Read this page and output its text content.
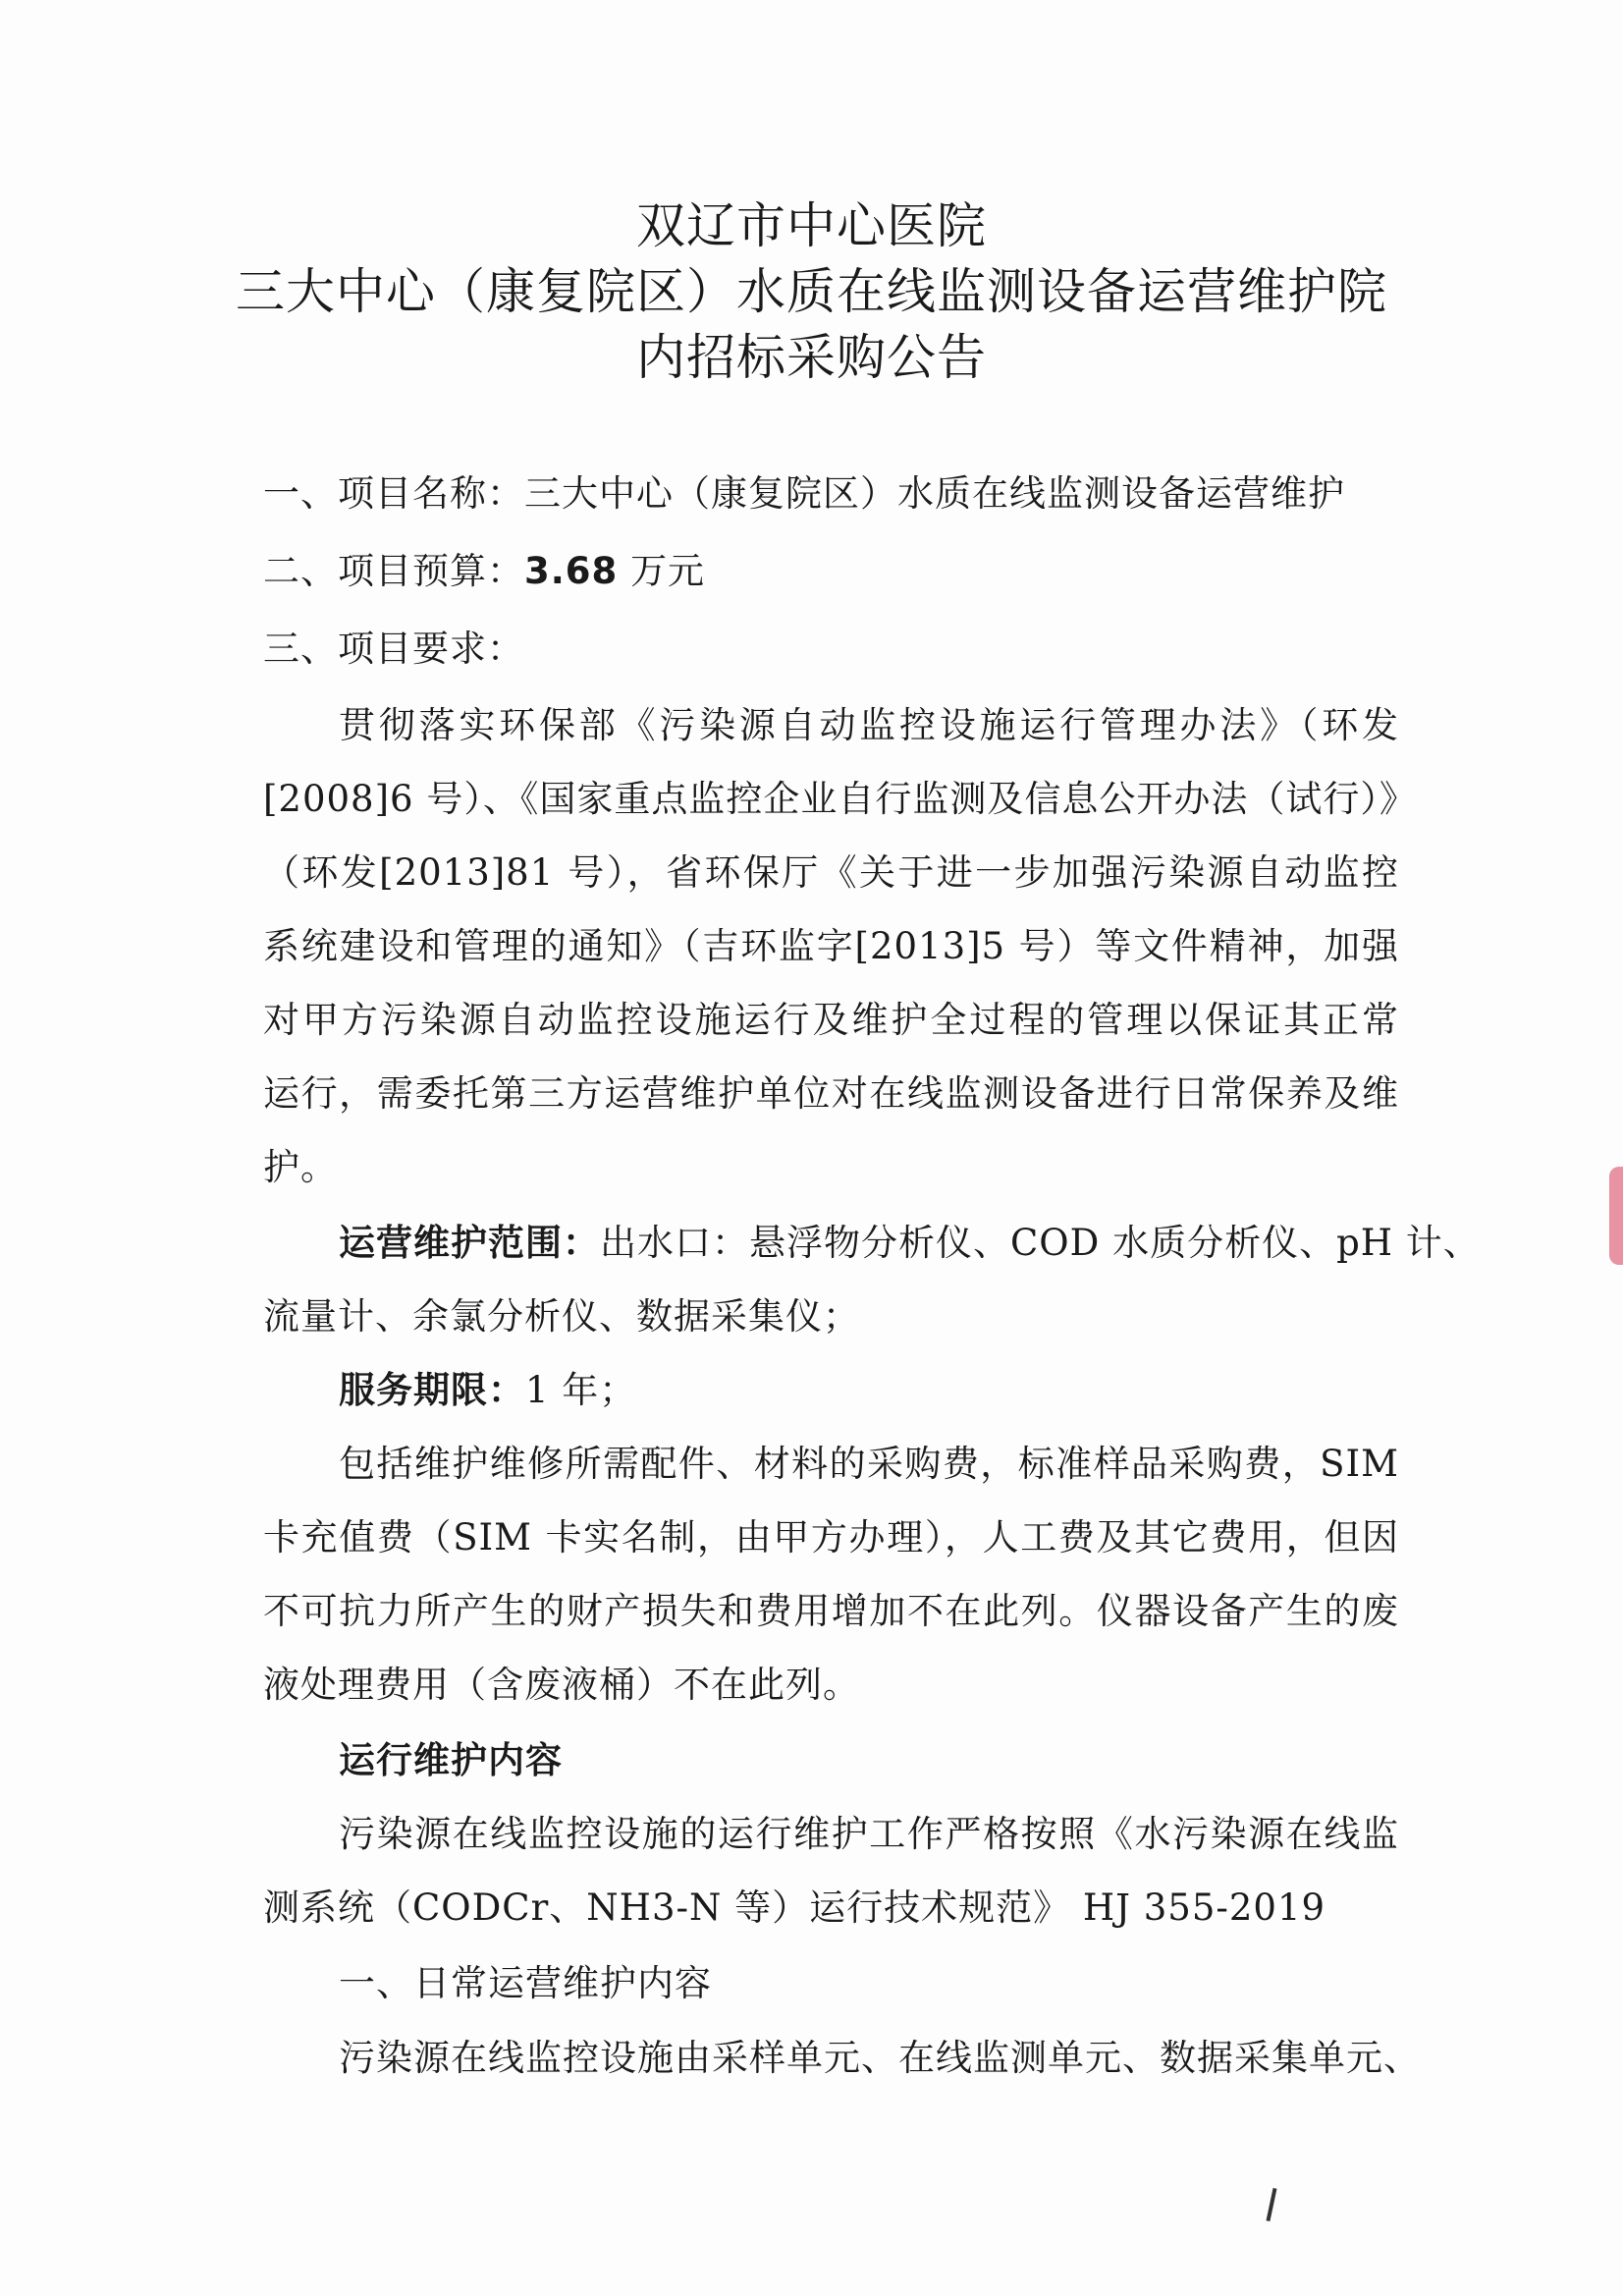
双辽市中心医院
三大中心（康复院区）水质在线监测设备运营维护院
内招标采购公告
一、项目名称：三大中心（康复院区）水质在线监测设备运营维护
二、项目预算：3.68 万元
三、项目要求：
贯彻落实环保部《污染源自动监控设施运行管理办法》（环发
[2008]6 号）、《国家重点监控企业自行监测及信息公开办法（试行）》
（环发[2013]81 号），省环保厅《关于进一步加强污染源自动监控
系统建设和管理的通知》（吉环监字[2013]5 号）等文件精神，加强
对甲方污染源自动监控设施运行及维护全过程的管理以保证其正常
运行，需委托第三方运营维护单位对在线监测设备进行日常保养及维
护。
运营维护范围：出水口：悬浮物分析仪、COD 水质分析仪、pH 计、
流量计、余氯分析仪、数据采集仪；
服务期限：1 年；
包括维护维修所需配件、材料的采购费，标准样品采购费，SIM
卡充值费（SIM 卡实名制，由甲方办理），人工费及其它费用，但因
不可抗力所产生的财产损失和费用增加不在此列。仪器设备产生的废
液处理费用（含废液桶）不在此列。
运行维护内容
污染源在线监控设施的运行维护工作严格按照《水污染源在线监
测系统（CODCr、NH3-N 等）运行技术规范》 HJ 355-2019
一、日常运营维护内容
污染源在线监控设施由采样单元、在线监测单元、数据采集单元、
